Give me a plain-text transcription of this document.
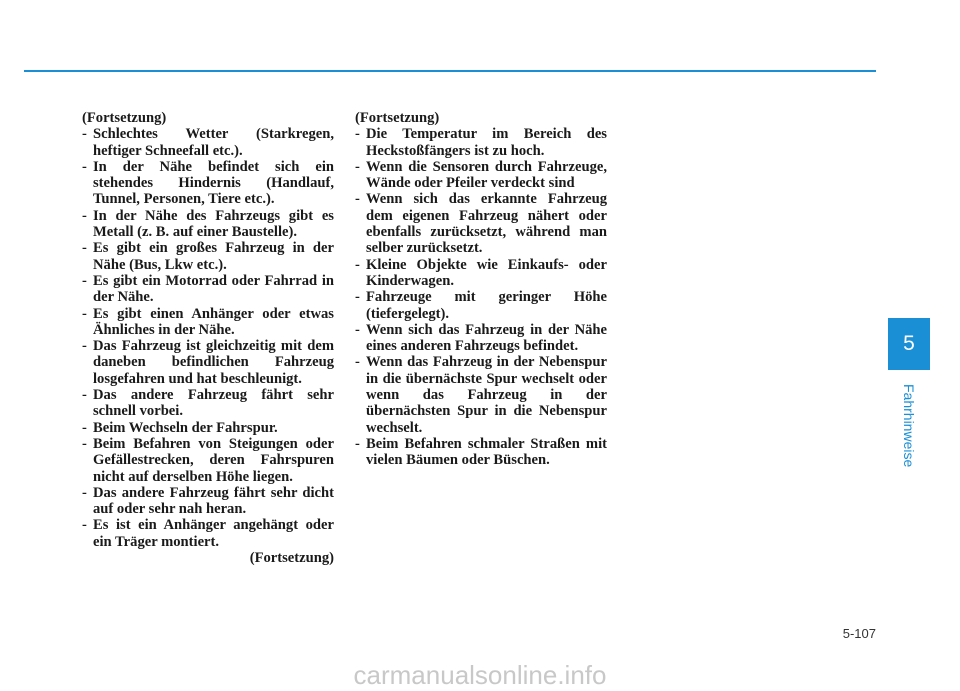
(Fortsetzung)

- Schlechtes Wetter (Starkregen, heftiger Schneefall etc.).
- In der Nähe befindet sich ein stehendes Hindernis (Handlauf, Tunnel, Personen, Tiere etc.).
- In der Nähe des Fahrzeugs gibt es Metall (z. B. auf einer Baustelle).
- Es gibt ein großes Fahrzeug in der Nähe (Bus, Lkw etc.).
- Es gibt ein Motorrad oder Fahrrad in der Nähe.
- Es gibt einen Anhänger oder etwas Ähnliches in der Nähe.
- Das Fahrzeug ist gleichzeitig mit dem daneben befindlichen Fahrzeug losgefahren und hat beschleunigt.
- Das andere Fahrzeug fährt sehr schnell vorbei.
- Beim Wechseln der Fahrspur.
- Beim Befahren von Steigungen oder Gefällestrecken, deren Fahrspuren nicht auf derselben Höhe liegen.
- Das andere Fahrzeug fährt sehr dicht auf oder sehr nah heran.
- Es ist ein Anhänger angehängt oder ein Träger montiert.

(Fortsetzung)

(Fortsetzung)

- Die Temperatur im Bereich des Heckstoßfängers ist zu hoch.
- Wenn die Sensoren durch Fahrzeuge, Wände oder Pfeiler verdeckt sind
- Wenn sich das erkannte Fahrzeug dem eigenen Fahrzeug nähert oder ebenfalls zurücksetzt, während man selber zurücksetzt.
- Kleine Objekte wie Einkaufs- oder Kinderwagen.
- Fahrzeuge mit geringer Höhe (tiefergelegt).
- Wenn sich das Fahrzeug in der Nähe eines anderen Fahrzeugs befindet.
- Wenn das Fahrzeug in der Nebenspur in die übernächste Spur wechselt oder wenn das Fahrzeug in der übernächsten Spur in die Nebenspur wechselt.
- Beim Befahren schmaler Straßen mit vielen Bäumen oder Büschen.
5
Fahrhinweise
5-107
carmanualsonline.info
